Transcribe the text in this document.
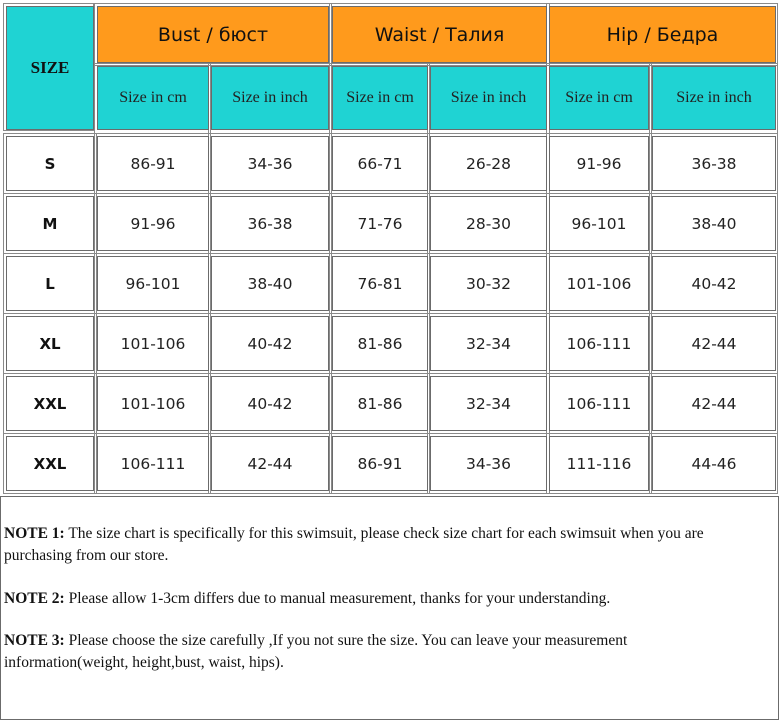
SIZE
Bust / бюст	Waist / Талия	Hip / Бедра
Size in cm	Size in inch	Size in cm	Size in inch	Size in cm	Size in inch
S	86-91	34-36	66-71	26-28	91-96	36-38
M	91-96	36-38	71-76	28-30	96-101	38-40
L	96-101	38-40	76-81	30-32	101-106	40-42
XL	101-106	40-42	81-86	32-34	106-111	42-44
XXL	101-106	40-42	81-86	32-34	106-111	42-44
XXL	106-111	42-44	86-91	34-36	111-116	44-46
NOTE 1: The size chart is specifically for this swimsuit, please check size chart for each swimsuit when you are
purchasing from our store.
NOTE 2: Please allow 1-3cm differs due to manual measurement, thanks for your understanding.
NOTE 3: Please choose the size carefully ,If you not sure the size. You can leave your measurement
information(weight, height,bust, waist, hips).
